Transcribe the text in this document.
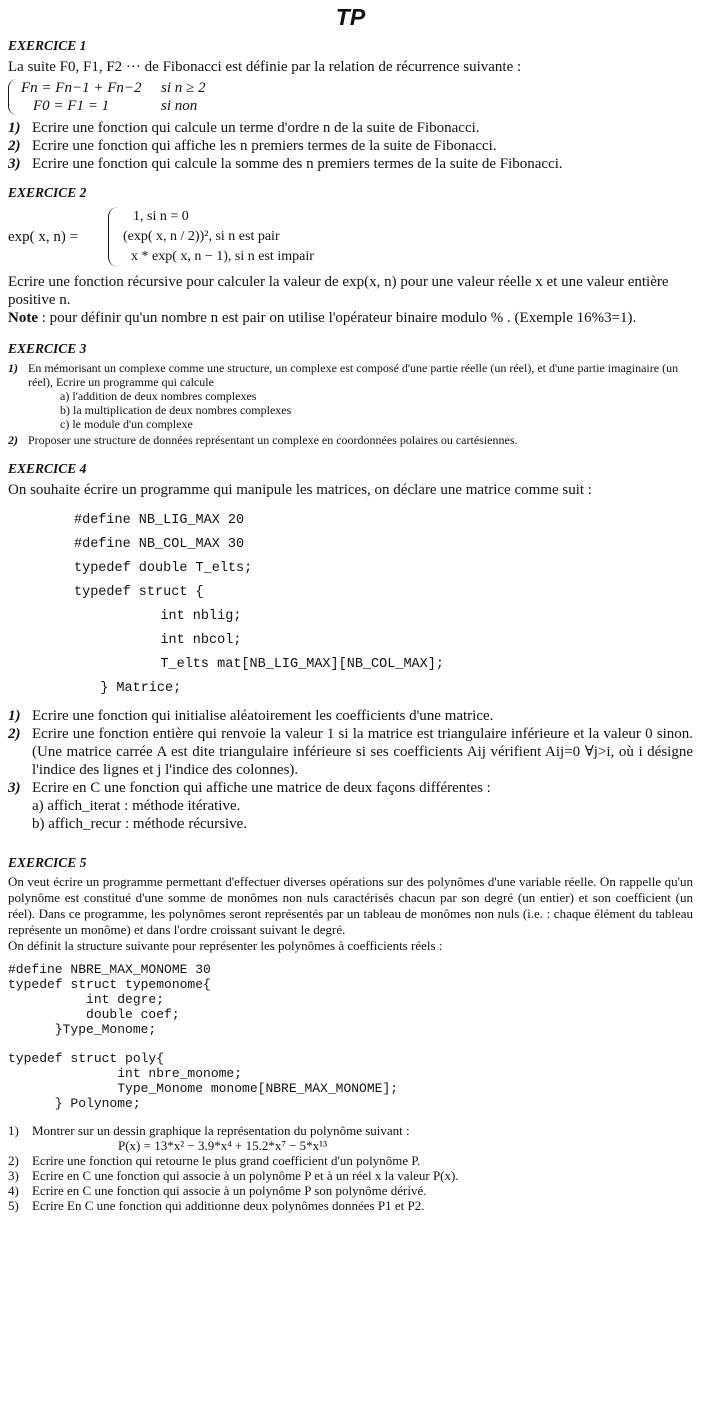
TP

EXERCICE 1

La suite F0, F1, F2 ··· de Fibonacci est définie par la relation de récurrence suivante :

Fn = Fn−1 + Fn−2	si n ≥ 2
F0 = F1 = 1	si non

1) Ecrire une fonction qui calcule un terme d'ordre n de la suite de Fibonacci.

2) Ecrire une fonction qui affiche les n premiers termes de la suite de Fibonacci.

3) Ecrire une fonction qui calcule la somme des n premiers termes de la suite de Fibonacci.

EXERCICE 2

exp( x, n) =
1, si n = 0
(exp( x, n / 2))², si n est pair
x * exp( x, n − 1), si n est impair

Ecrire une fonction récursive pour calculer la valeur de exp(x, n) pour une valeur réelle x et une valeur entière positive n.

Note : pour définir qu'un nombre n est pair on utilise l'opérateur binaire modulo % . (Exemple 16%3=1).

EXERCICE 3

1) En mémorisant un complexe comme une structure, un complexe est composé d'une partie réelle (un réel), et d'une partie imaginaire (un réel), Ecrire un programme qui calcule

a) l'addition de deux nombres complexes

b) la multiplication de deux nombres complexes

c) le module d'un complexe

2) Proposer une structure de données représentant un complexe en coordonnées polaires ou cartésiennes.

EXERCICE 4

On souhaite écrire un programme qui manipule les matrices, on déclare une matrice comme suit :

#define NB_LIG_MAX 20

#define NB_COL_MAX 30

typedef double T_elts;

typedef struct {

int nblig;

int nbcol;

T_elts mat[NB_LIG_MAX][NB_COL_MAX];

} Matrice;

1) Ecrire une fonction qui initialise aléatoirement les coefficients d'une matrice.
2) Ecrire une fonction entière qui renvoie la valeur 1 si la matrice est triangulaire inférieure et la valeur 0 sinon. (Une matrice carrée A est dite triangulaire inférieure si ses coefficients Aij vérifient Aij=0 ∀j>i, où i désigne l'indice des lignes et j l'indice des colonnes).
3) Ecrire en C une fonction qui affiche une matrice de deux façons différentes :

a) affich_iterat : méthode itérative.

b) affich_recur : méthode récursive.

EXERCICE 5

On veut écrire un programme permettant d'effectuer diverses opérations sur des polynômes d'une variable réelle. On rappelle qu'un polynôme est constitué d'une somme de monômes non nuls caractérisés chacun par son degré (un entier) et son coefficient (un réel). Dans ce programme, les polynômes seront représentés par un tableau de monômes non nuls (i.e. : chaque élément du tableau représente un monôme) et dans l'ordre croissant suivant le degré.

On définit la structure suivante pour représenter les polynômes à coefficients réels :

#define NBRE_MAX_MONOME 30

typedef struct typemonome{

int degre;

double coef;

}Type_Monome;

typedef struct poly{

int nbre_monome;

Type_Monome monome[NBRE_MAX_MONOME];

} Polynome;

1)	Montrer sur un dessin graphique la représentation du polynôme suivant :

P(x) = 13*x² − 3.9*x⁴ + 15.2*x⁷ − 5*x¹³

2)	Ecrire une fonction qui retourne le plus grand coefficient d'un polynôme P.
3)	Ecrire en C une fonction qui associe à un polynôme P et à un réel x la valeur P(x).
4)	Ecrire en C une fonction qui associe à un polynôme P son polynôme dérivé.
5)	Ecrire En C une fonction qui additionne deux polynômes données P1 et P2.
